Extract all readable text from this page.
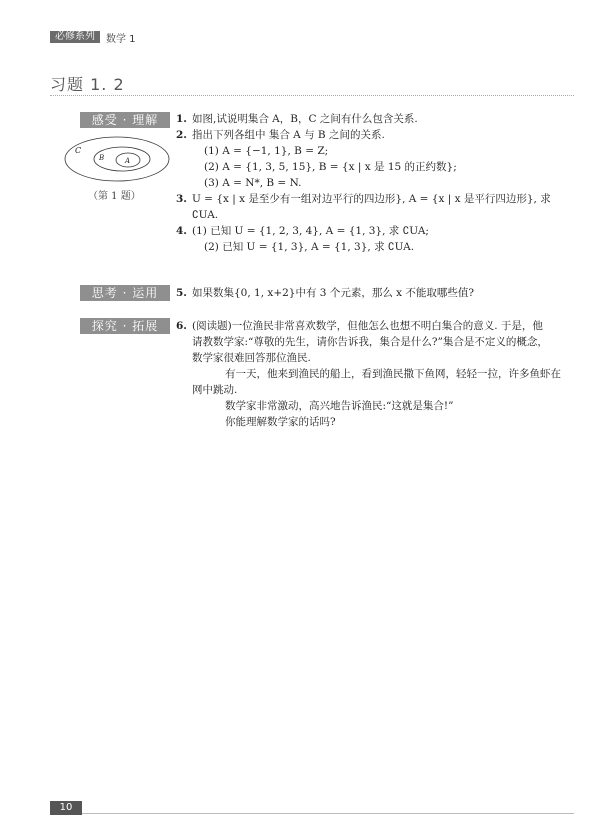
必修系列	数学 1
习题 1. 2
感受 · 理解
思考 · 运用
探究 · 拓展
C
B	A
（第 1 题）

1. 如图,试说明集合 A，B，C 之间有什么包含关系.

2. 指出下列各组中 集合 A 与 B 之间的关系.

(1) A = {−1, 1}, B = Z;

(2) A = {1, 3, 5, 15}, B = {x | x 是 15 的正约数};

(3) A = N*, B = N.

3. U = {x | x 是至少有一组对边平行的四边形}, A = {x | x 是平行四边形}, 求

∁UA.

4. (1) 已知 U = {1, 2, 3, 4}, A = {1, 3}, 求 ∁UA;

(2) 已知 U = {1, 3}, A = {1, 3}, 求 ∁UA.

5. 如果数集{0, 1, x+2}中有 3 个元素，那么 x 不能取哪些值?

6. (阅读题)一位渔民非常喜欢数学，但他怎么也想不明白集合的意义. 于是，他

请教数学家:“尊敬的先生，请你告诉我，集合是什么?”集合是不定义的概念，

数学家很难回答那位渔民.

有一天，他来到渔民的船上，看到渔民撒下鱼网，轻轻一拉，许多鱼虾在

网中跳动.

数学家非常激动，高兴地告诉渔民:“这就是集合!”

你能理解数学家的话吗?

10
